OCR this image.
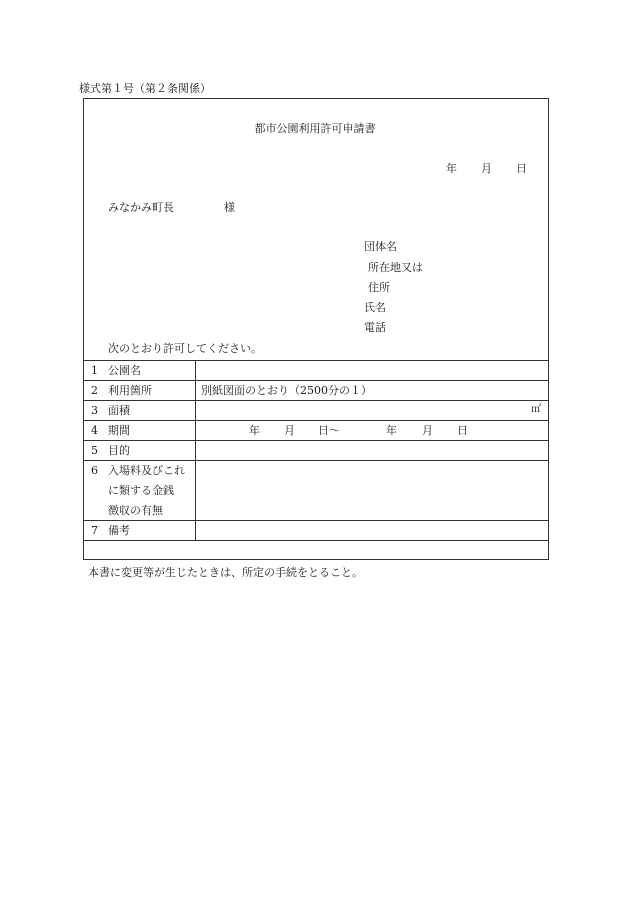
様式第１号（第２条関係）
都市公園利用許可申請書
年 月 日
みなかみ町長	様
団体名
所在地又は
住所
氏名
電話
次のとおり許可してください。
1 公園名
2 利用箇所	別紙図面のとおり（2500分の１）
3 面積	㎡
4 期間	年 月 日～	年 月 日
5 目的
6 入場料及びこれ
に類する金銭
徴収の有無
7 備考
本書に変更等が生じたときは、所定の手続をとること。
